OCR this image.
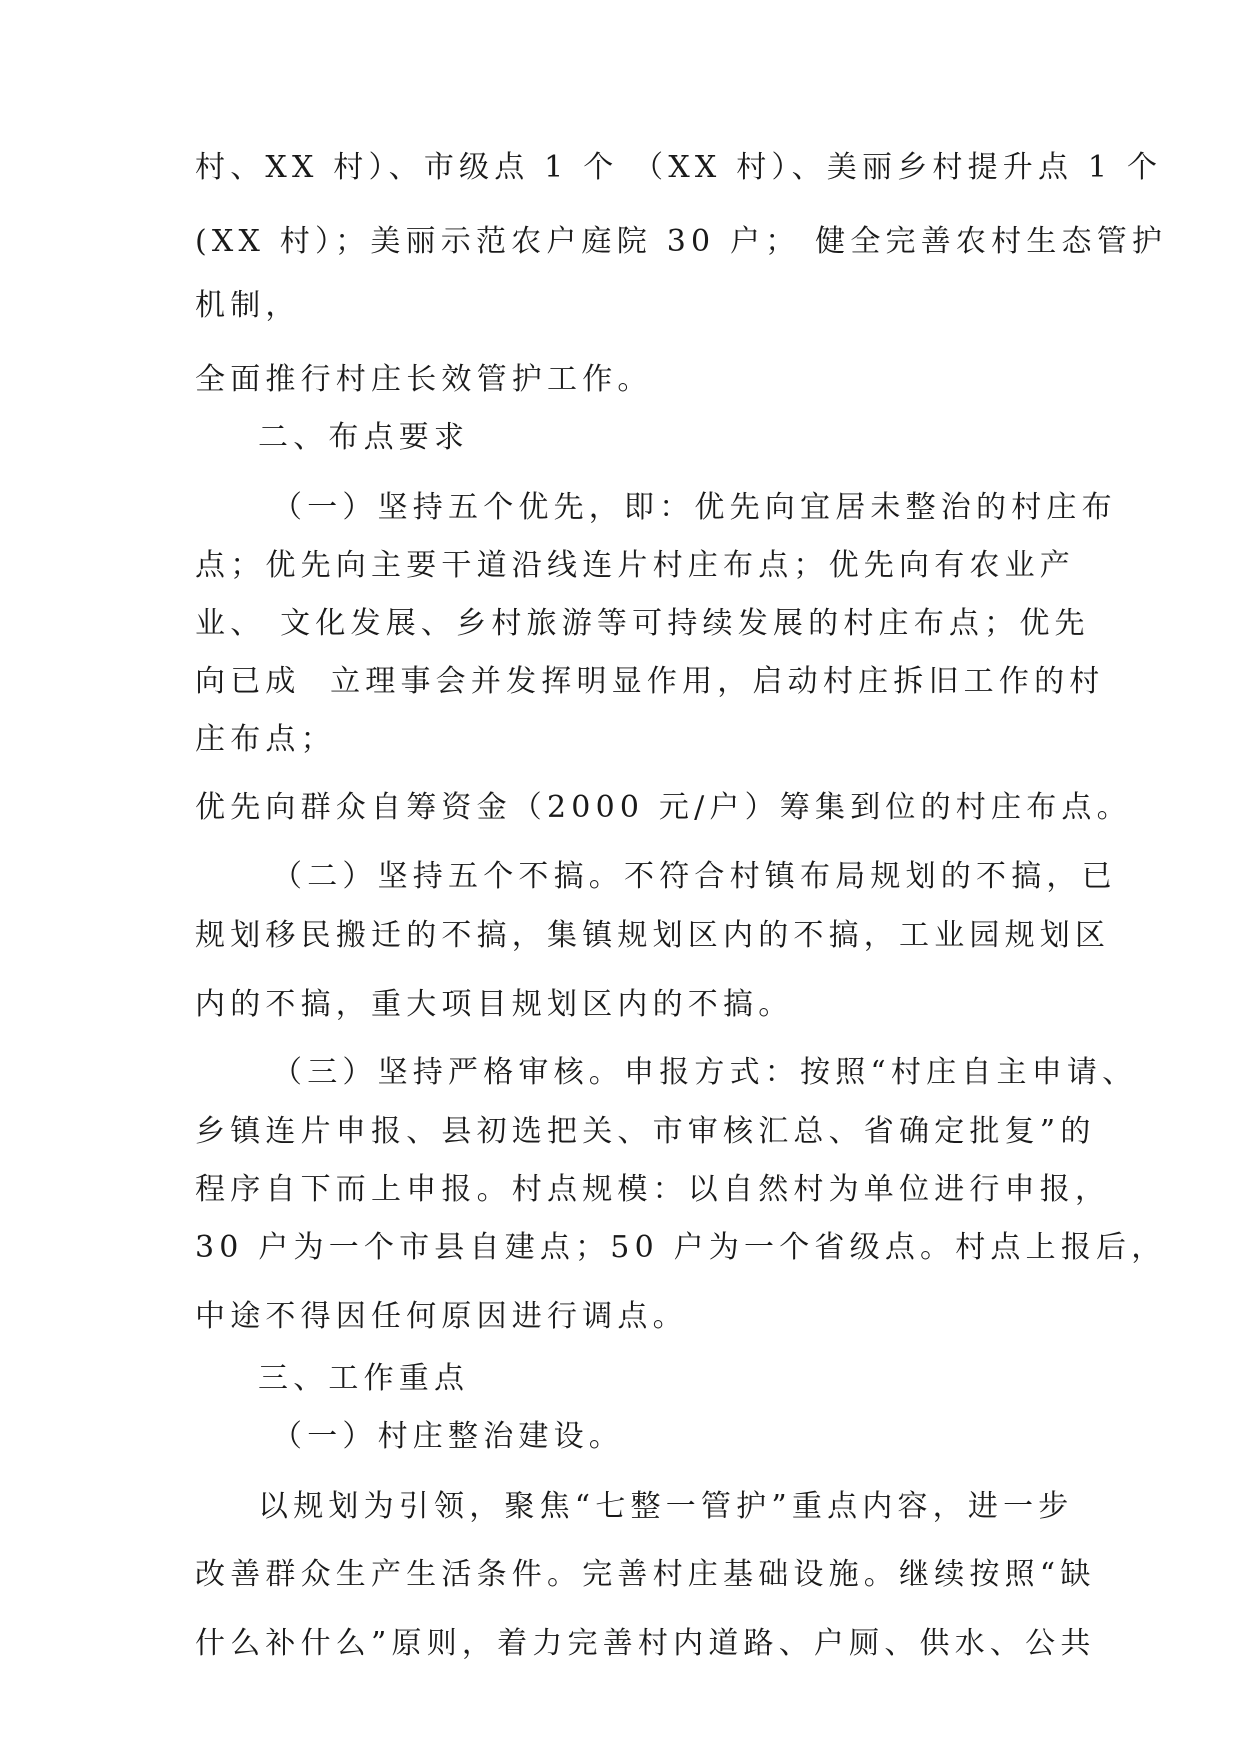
村、XX 村）、市级点 1 个 （XX 村）、美丽乡村提升点 1 个
(XX 村）；美丽示范农户庭院 30 户； 健全完善农村生态管护
机制，
全面推行村庄长效管护工作。
二、布点要求
（一）坚持五个优先，即：优先向宜居未整治的村庄布
点；优先向主要干道沿线连片村庄布点；优先向有农业产
业、 文化发展、乡村旅游等可持续发展的村庄布点；优先
向已成  立理事会并发挥明显作用，启动村庄拆旧工作的村
庄布点；
优先向群众自筹资金（2000 元/户）筹集到位的村庄布点。
（二）坚持五个不搞。不符合村镇布局规划的不搞，已
规划移民搬迁的不搞，集镇规划区内的不搞，工业园规划区
内的不搞，重大项目规划区内的不搞。
（三）坚持严格审核。申报方式：按照“村庄自主申请、
乡镇连片申报、县初选把关、市审核汇总、省确定批复”的
程序自下而上申报。村点规模：以自然村为单位进行申报，
30 户为一个市县自建点；50 户为一个省级点。村点上报后，
中途不得因任何原因进行调点。
三、工作重点
（一）村庄整治建设。
以规划为引领，聚焦“七整一管护”重点内容，进一步
改善群众生产生活条件。完善村庄基础设施。继续按照“缺
什么补什么”原则，着力完善村内道路、户厕、供水、公共
